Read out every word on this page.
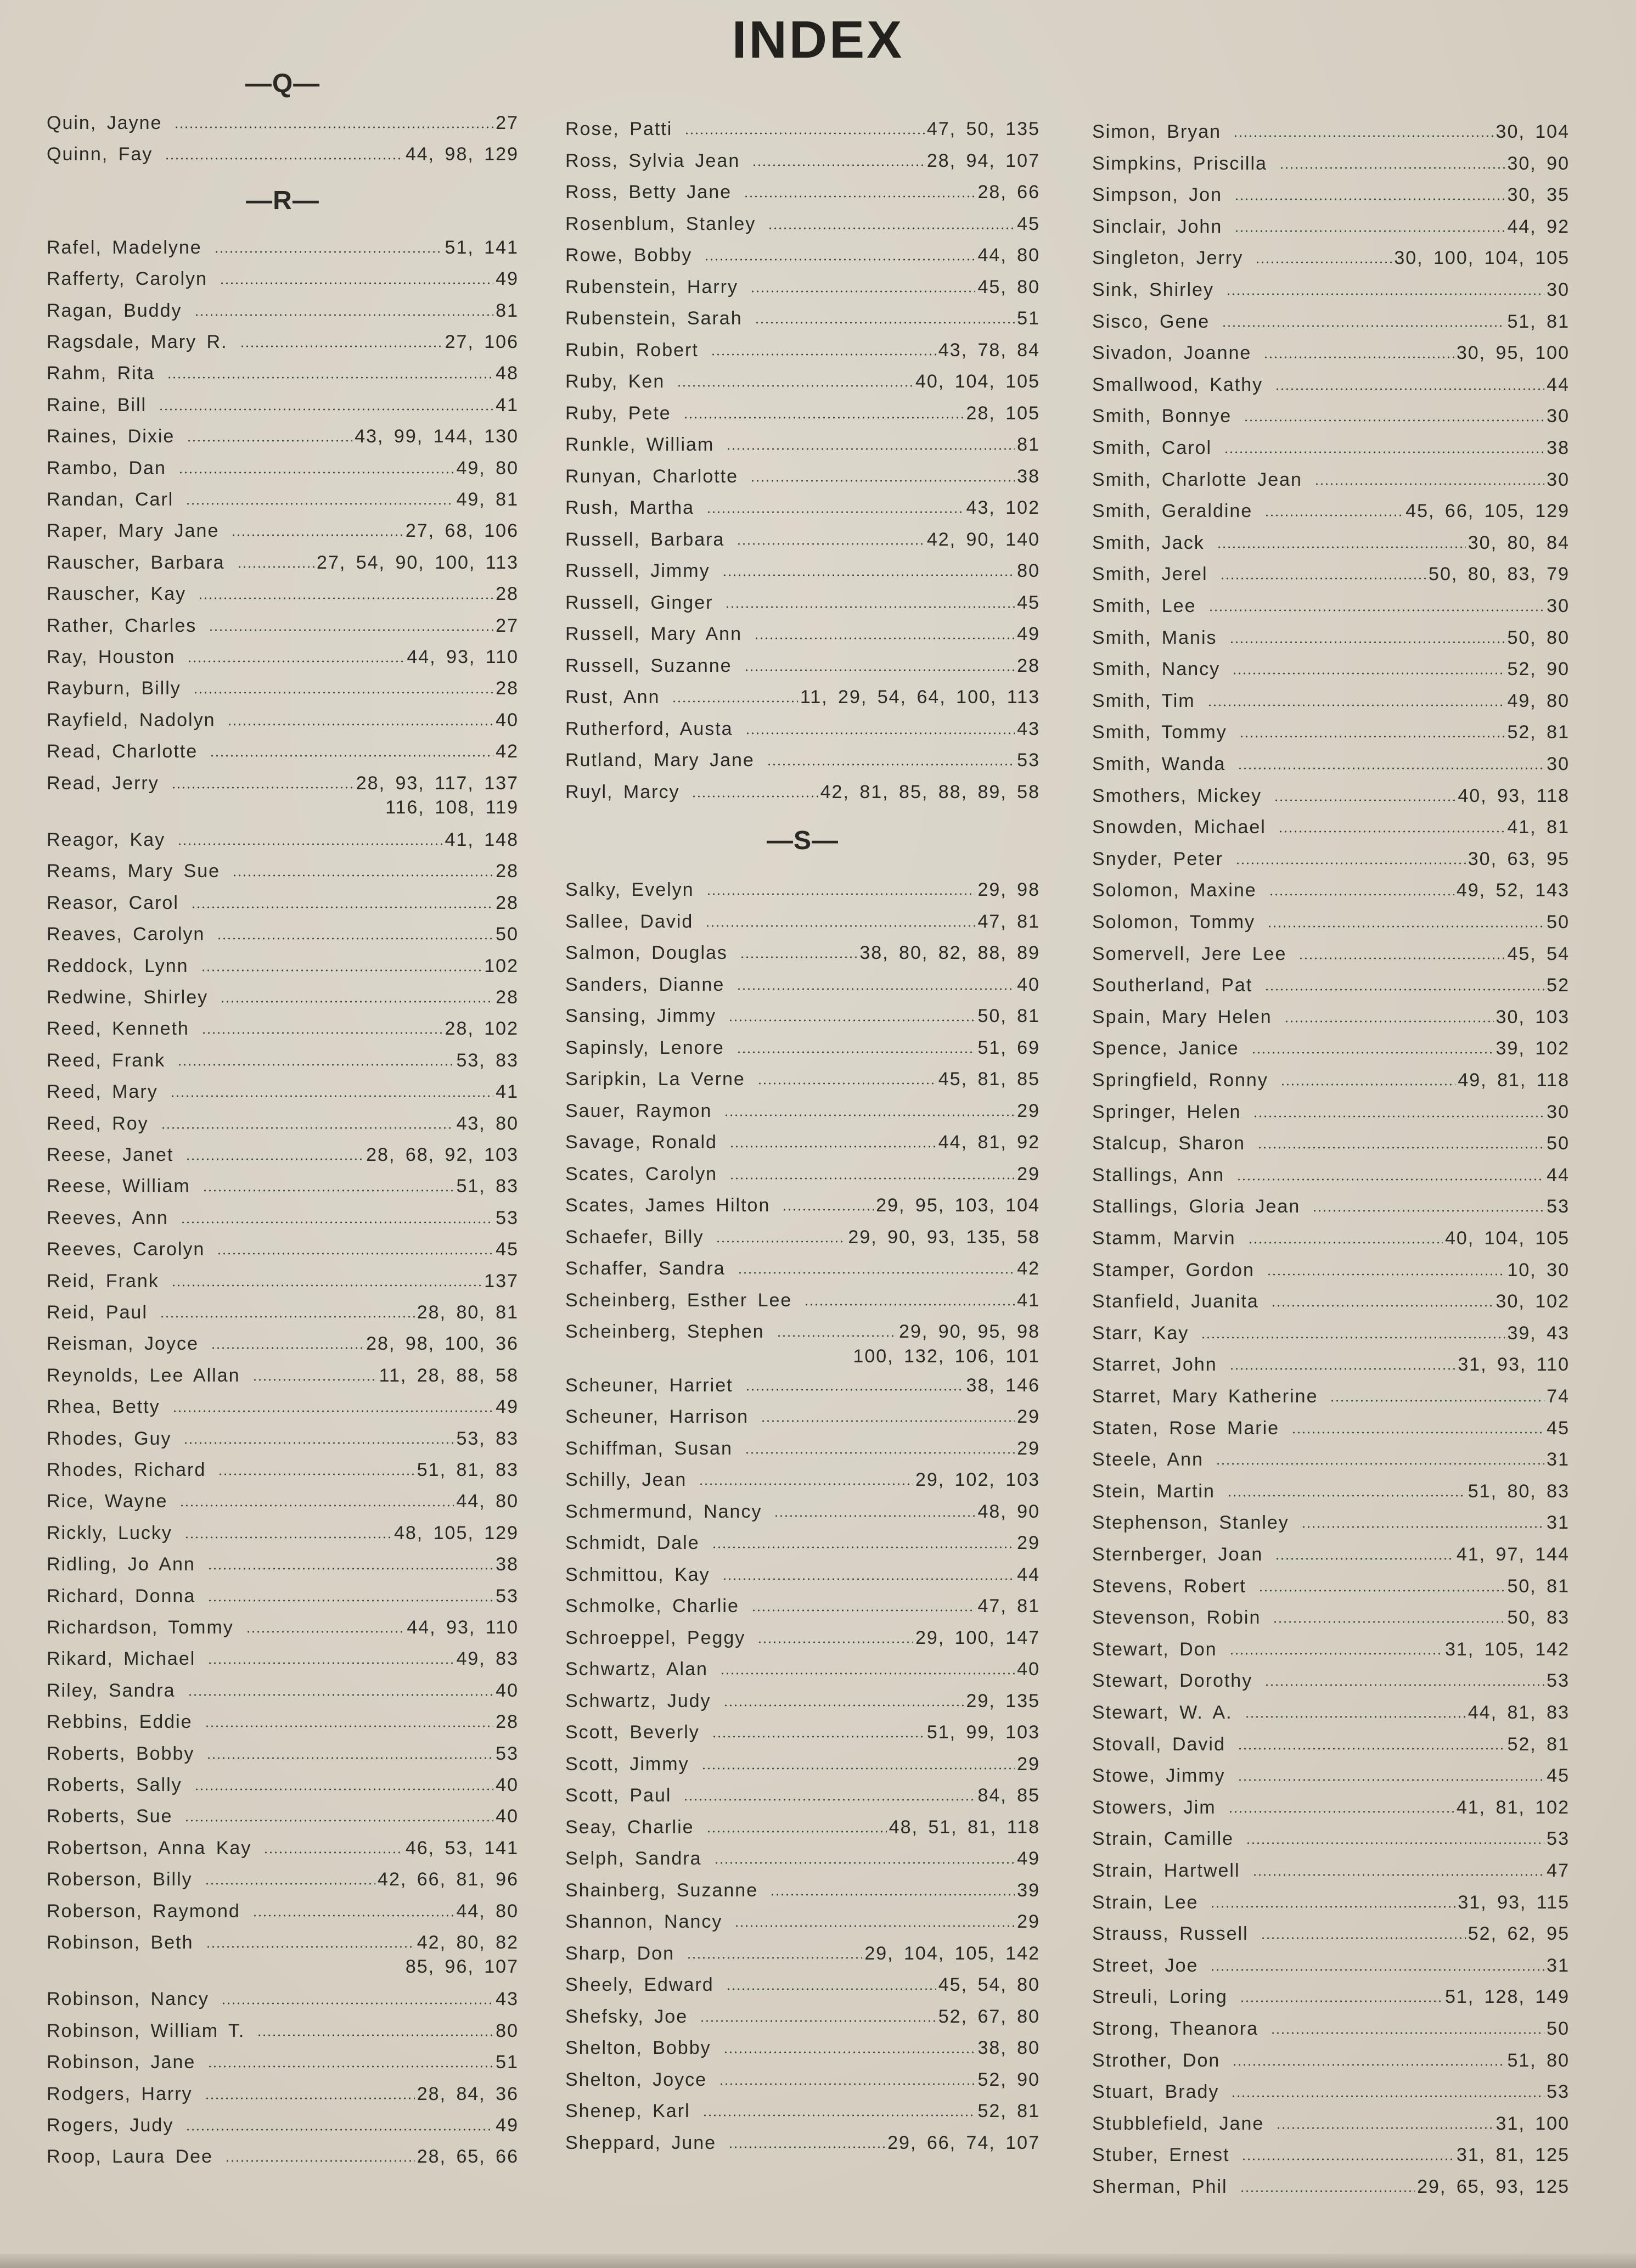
INDEX
—Q—
Quin, Jayne	27
Quinn, Fay	44, 98, 129
—R—
Rafel, Madelyne	51, 141
Rafferty, Carolyn	49
Ragan, Buddy	81
Ragsdale, Mary R.	27, 106
Rahm, Rita	48
Raine, Bill	41
Raines, Dixie	43, 99, 144, 130
Rambo, Dan	49, 80
Randan, Carl	49, 81
Raper, Mary Jane	27, 68, 106
Rauscher, Barbara	27, 54, 90, 100, 113
Rauscher, Kay	28
Rather, Charles	27
Ray, Houston	44, 93, 110
Rayburn, Billy	28
Rayfield, Nadolyn	40
Read, Charlotte	42
Read, Jerry	28, 93, 117, 137
116, 108, 119
Reagor, Kay	41, 148
Reams, Mary Sue	28
Reasor, Carol	28
Reaves, Carolyn	50
Reddock, Lynn	102
Redwine, Shirley	28
Reed, Kenneth	28, 102
Reed, Frank	53, 83
Reed, Mary	41
Reed, Roy	43, 80
Reese, Janet	28, 68, 92, 103
Reese, William	51, 83
Reeves, Ann	53
Reeves, Carolyn	45
Reid, Frank	137
Reid, Paul	28, 80, 81
Reisman, Joyce	28, 98, 100, 36
Reynolds, Lee Allan	11, 28, 88, 58
Rhea, Betty	49
Rhodes, Guy	53, 83
Rhodes, Richard	51, 81, 83
Rice, Wayne	44, 80
Rickly, Lucky	48, 105, 129
Ridling, Jo Ann	38
Richard, Donna	53
Richardson, Tommy	44, 93, 110
Rikard, Michael	49, 83
Riley, Sandra	40
Rebbins, Eddie	28
Roberts, Bobby	53
Roberts, Sally	40
Roberts, Sue	40
Robertson, Anna Kay	46, 53, 141
Roberson, Billy	42, 66, 81, 96
Roberson, Raymond	44, 80
Robinson, Beth	42, 80, 82
85, 96, 107
Robinson, Nancy	43
Robinson, William T.	80
Robinson, Jane	51
Rodgers, Harry	28, 84, 36
Rogers, Judy	49
Roop, Laura Dee	28, 65, 66
Rose, Patti	47, 50, 135
Ross, Sylvia Jean	28, 94, 107
Ross, Betty Jane	28, 66
Rosenblum, Stanley	45
Rowe, Bobby	44, 80
Rubenstein, Harry	45, 80
Rubenstein, Sarah	51
Rubin, Robert	43, 78, 84
Ruby, Ken	40, 104, 105
Ruby, Pete	28, 105
Runkle, William	81
Runyan, Charlotte	38
Rush, Martha	43, 102
Russell, Barbara	42, 90, 140
Russell, Jimmy	80
Russell, Ginger	45
Russell, Mary Ann	49
Russell, Suzanne	28
Rust, Ann	11, 29, 54, 64, 100, 113
Rutherford, Austa	43
Rutland, Mary Jane	53
Ruyl, Marcy	42, 81, 85, 88, 89, 58
—S—
Salky, Evelyn	29, 98
Sallee, David	47, 81
Salmon, Douglas	38, 80, 82, 88, 89
Sanders, Dianne	40
Sansing, Jimmy	50, 81
Sapinsly, Lenore	51, 69
Saripkin, La Verne	45, 81, 85
Sauer, Raymon	29
Savage, Ronald	44, 81, 92
Scates, Carolyn	29
Scates, James Hilton	29, 95, 103, 104
Schaefer, Billy	29, 90, 93, 135, 58
Schaffer, Sandra	42
Scheinberg, Esther Lee	41
Scheinberg, Stephen	29, 90, 95, 98
100, 132, 106, 101
Scheuner, Harriet	38, 146
Scheuner, Harrison	29
Schiffman, Susan	29
Schilly, Jean	29, 102, 103
Schmermund, Nancy	48, 90
Schmidt, Dale	29
Schmittou, Kay	44
Schmolke, Charlie	47, 81
Schroeppel, Peggy	29, 100, 147
Schwartz, Alan	40
Schwartz, Judy	29, 135
Scott, Beverly	51, 99, 103
Scott, Jimmy	29
Scott, Paul	84, 85
Seay, Charlie	48, 51, 81, 118
Selph, Sandra	49
Shainberg, Suzanne	39
Shannon, Nancy	29
Sharp, Don	29, 104, 105, 142
Sheely, Edward	45, 54, 80
Shefsky, Joe	52, 67, 80
Shelton, Bobby	38, 80
Shelton, Joyce	52, 90
Shenep, Karl	52, 81
Sheppard, June	29, 66, 74, 107
Simon, Bryan	30, 104
Simpkins, Priscilla	30, 90
Simpson, Jon	30, 35
Sinclair, John	44, 92
Singleton, Jerry	30, 100, 104, 105
Sink, Shirley	30
Sisco, Gene	51, 81
Sivadon, Joanne	30, 95, 100
Smallwood, Kathy	44
Smith, Bonnye	30
Smith, Carol	38
Smith, Charlotte Jean	30
Smith, Geraldine	45, 66, 105, 129
Smith, Jack	30, 80, 84
Smith, Jerel	50, 80, 83, 79
Smith, Lee	30
Smith, Manis	50, 80
Smith, Nancy	52, 90
Smith, Tim	49, 80
Smith, Tommy	52, 81
Smith, Wanda	30
Smothers, Mickey	40, 93, 118
Snowden, Michael	41, 81
Snyder, Peter	30, 63, 95
Solomon, Maxine	49, 52, 143
Solomon, Tommy	50
Somervell, Jere Lee	45, 54
Southerland, Pat	52
Spain, Mary Helen	30, 103
Spence, Janice	39, 102
Springfield, Ronny	49, 81, 118
Springer, Helen	30
Stalcup, Sharon	50
Stallings, Ann	44
Stallings, Gloria Jean	53
Stamm, Marvin	40, 104, 105
Stamper, Gordon	10, 30
Stanfield, Juanita	30, 102
Starr, Kay	39, 43
Starret, John	31, 93, 110
Starret, Mary Katherine	74
Staten, Rose Marie	45
Steele, Ann	31
Stein, Martin	51, 80, 83
Stephenson, Stanley	31
Sternberger, Joan	41, 97, 144
Stevens, Robert	50, 81
Stevenson, Robin	50, 83
Stewart, Don	31, 105, 142
Stewart, Dorothy	53
Stewart, W. A.	44, 81, 83
Stovall, David	52, 81
Stowe, Jimmy	45
Stowers, Jim	41, 81, 102
Strain, Camille	53
Strain, Hartwell	47
Strain, Lee	31, 93, 115
Strauss, Russell	52, 62, 95
Street, Joe	31
Streuli, Loring	51, 128, 149
Strong, Theanora	50
Strother, Don	51, 80
Stuart, Brady	53
Stubblefield, Jane	31, 100
Stuber, Ernest	31, 81, 125
Sherman, Phil	29, 65, 93, 125
